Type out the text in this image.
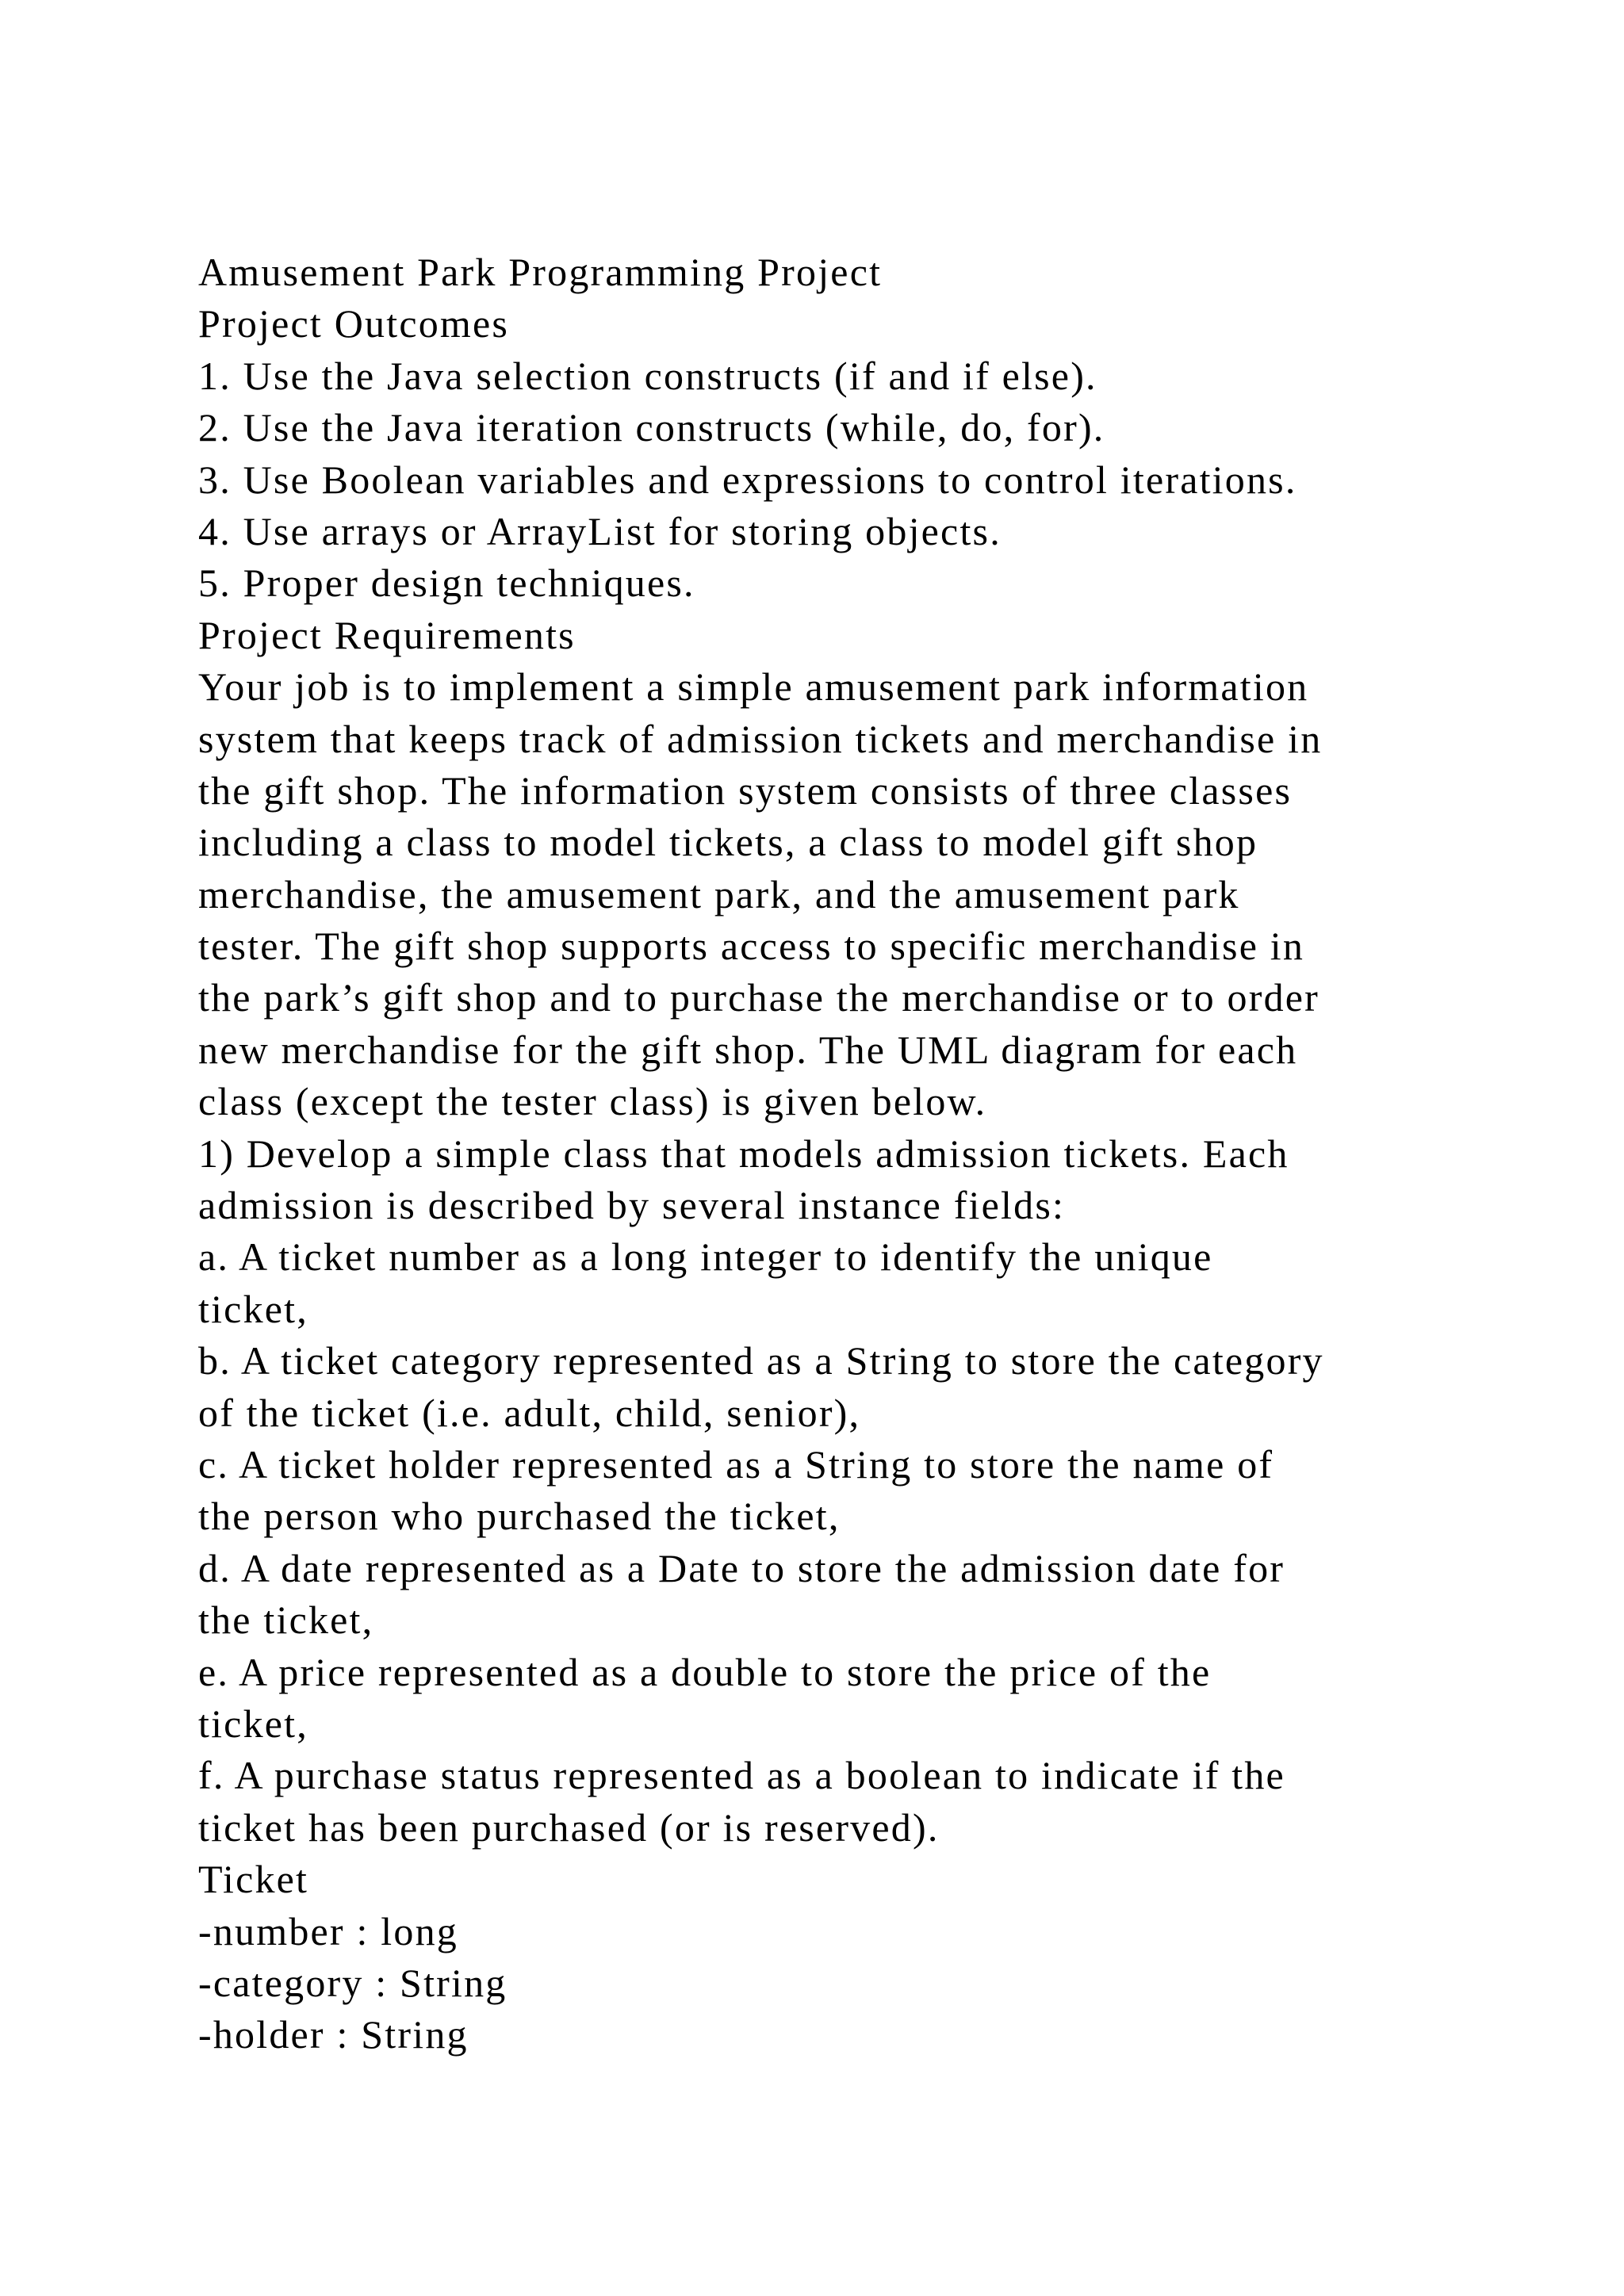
Amusement Park Programming Project
Project Outcomes
1. Use the Java selection constructs (if and if else).
2. Use the Java iteration constructs (while, do, for).
3. Use Boolean variables and expressions to control iterations.
4. Use arrays or ArrayList for storing objects.
5. Proper design techniques.
Project Requirements
Your job is to implement a simple amusement park information
system that keeps track of admission tickets and merchandise in
the gift shop. The information system consists of three classes
including a class to model tickets, a class to model gift shop
merchandise, the amusement park, and the amusement park
tester. The gift shop supports access to specific merchandise in
the park’s gift shop and to purchase the merchandise or to order
new merchandise for the gift shop. The UML diagram for each
class (except the tester class) is given below.
1) Develop a simple class that models admission tickets. Each
admission is described by several instance fields:
a. A ticket number as a long integer to identify the unique
ticket,
b. A ticket category represented as a String to store the category
of the ticket (i.e. adult, child, senior),
c. A ticket holder represented as a String to store the name of
the person who purchased the ticket,
d. A date represented as a Date to store the admission date for
the ticket,
e. A price represented as a double to store the price of the
ticket,
f. A purchase status represented as a boolean to indicate if the
ticket has been purchased (or is reserved).
Ticket
-number : long
-category : String
-holder : String
